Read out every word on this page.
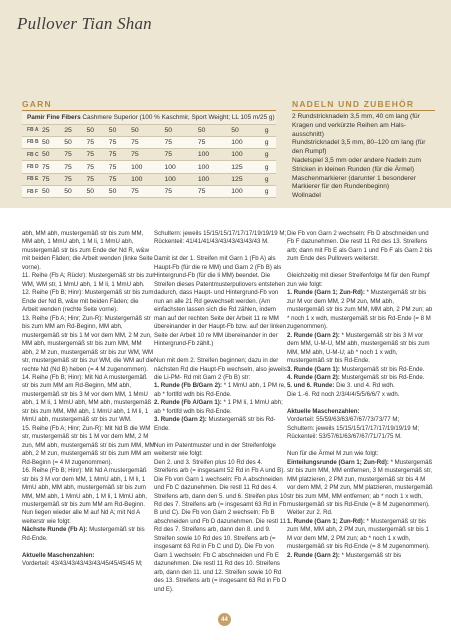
Pullover Tian Shan
GARN
Pamir Fine Fibers Cashmere Superior (100 % Kaschmir, Sport Weight; LL 105 m/25 g)									
FB A	25	25	50	50	50	50	50	50	g
FB B	50	50	75	75	75	75	75	100	g
FB C	50	75	75	75	75	75	100	100	g
FB D	75	75	75	75	100	100	100	125	g
FB E	75	75	75	75	100	100	100	125	g
FB F	50	50	50	50	75	75	75	100	g
NADELN UND ZUBEHÖR
2 Rundstricknadeln 3,5 mm, 40 cm lang (für Kragen und verkürzte Reihen am Hals-ausschnitt)
Rundstricknadel 3,5 mm, 80–120 cm lang (für den Rumpf)
Nadelspiel 3,5 mm oder andere Nadeln zum Stricken in kleinen Runden (für die Ärmel)
Maschenmarkierer (darunter 1 besonderer Markierer für den Rundenbeginn)
Wollnadel

abh, MM abh, mustergemäß str bis zum MM, MM abh, 1 MmU abh, 1 M li, 1 MmU abh, mustergemäß str bis zum Ende der Nd R, w&w mit beiden Fäden; die Arbeit wenden (linke Seite vorne).

11. Reihe (Fb A; Rückr): Mustergemäß str bis zur WM, WM str, 1 MmU abh, 1 M li, 1 MmU abh.

12. Reihe (Fb B; Hinr): Mustergemäß str bis zum Ende der Nd B, w&w mit beiden Fäden; die Arbeit wenden (rechte Seite vorne).

13. Reihe (Fb A; Hinr; Zun-R): Mustergemäß str bis zum MM am Rd-Beginn, MM abh, mustergemäß str bis 1 M vor dem MM, 2 M zun, MM abh, mustergemäß str bis zum MM, MM abh, 2 M zun, mustergemäß str bis zur WM, WM str, mustergemäß str bis zur WM, die WM auf die rechte Nd (Nd B) heben (= 4 M zugenommen).

14. Reihe (Fb B; Hinr): Mit Nd A mustergemäß str bis zum MM am Rd-Beginn, MM abh, mustergemäß str bis 3 M vor dem MM, 1 MmU abh, 1 M li, 1 MmU abh, MM abh, mustergemäß str bis zum MM, MM abh, 1 MmU abh, 1 M li, 1 MmU abh, mustergemäß str bis zur WM.

15. Reihe (Fb A; Hinr; Zun-R): Mit Nd B die WM str, mustergemäß str bis 1 M vor dem MM, 2 M zun, MM abh, mustergemäß str bis zum MM, MM abh, 2 M zun, mustergemäß str bis zum MM am Rd-Beginn (= 4 M zugenommen).

16. Reihe (Fb B; Hinr): Mit Nd A mustergemäß str bis 3 M vor dem MM, 1 MmU abh, 1 M li, 1 MmU abh, MM abh, mustergemäß str bis zum MM, MM abh, 1 MmU abh, 1 M li, 1 MmU abh, mustergemäß str bis zum MM am Rd-Beginn.

Nun liegen wieder alle M auf Nd A; mit Nd A weiterstr wie folgt:

Nächste Runde (Fb A): Mustergemäß str bis Rd-Ende.

Aktuelle Maschenzahlen:

Vorderteil: 43/43/43/43/43/43/45/45/45/45 M;

Schultern: jeweils 15/15/15/17/17/17/19/19/19 M; Rückenteil: 41/41/41/43/43/43/43/43/43 M.

Damit ist der 1. Streifen mit Garn 1 (Fb A) als Haupt-Fb (für die re MM) und Garn 2 (Fb B) als Hintergrund-Fb (für die li MM) beendet. Die Streifen dieses Patentmusterpullovers entstehen dadurch, dass Haupt- und Hintergrund-Fb von nun an alle 21 Rd gewechselt werden. (Am einfachsten lassen sich die Rd zählen, indem man auf der rechten Seite der Arbeit 11 re MM übereinander in der Haupt-Fb bzw. auf der linken Seite der Arbeit 10 re MM übereinander in der Hintergrund-Fb zählt.)

Nun mit dem 2. Streifen beginnen; dazu in der nächsten Rd die Haupt-Fb wechseln, also jeweils die Li-PM- Rd mit Garn 2 (Fb B) str:

1. Runde (Fb B/Garn 2): * 1 MmU abh, 1 PM re, ab * fortlfd wdh bis Rd-Ende.

2. Runde (Fb A/Garn 1): * 1 PM li, 1 MmU abh; ab * fortlfd wdh bis Rd-Ende.

3. Runde (Garn 2): Mustergemäß str bis Rd-Ende.

Nun im Patentmuster und in der Streifenfolge weiterstr wie folgt:

Den 2. und 3. Streifen plus 10 Rd des 4. Streifens arb (= insgesamt 52 Rd in Fb A und B). Die Fb von Garn 1 wechseln: Fb A abschneiden und Fb C dazunehmen. Die restl 11 Rd des 4. Streifens arb, dann den 5. und 6. Streifen plus 10 Rd des 7. Streifens arb (= insgesamt 63 Rd in Fb B und C). Die Fb von Garn 2 wechseln: Fb B abschneiden und Fb D dazunehmen. Die restl 11 Rd des 7. Streifens arb, dann den 8. und 9. Streifen sowie 10 Rd des 10. Streifens arb (= insgesamt 63 Rd in Fb C und D). Die Fb von Garn 1 wechseln: Fb C abschneiden und Fb E dazunehmen. Die restl 11 Rd des 10. Streifens arb, dann den 11. und 12. Streifen sowie 10 Rd des 13. Streifens arb (= insgesamt 63 Rd in Fb D und E).

Die Fb von Garn 2 wechseln: Fb D abschneiden und Fb F dazunehmen. Die restl 11 Rd des 13. Streifens arb; dann mit Fb E als Garn 1 und Fb F als Garn 2 bis zum Ende des Pullovers weiterstr.

Gleichzeitig mit dieser Streifenfolge M für den Rumpf zun wie folgt:

1. Runde (Garn 1; Zun-Rd): * Mustergemäß str bis zur M vor dem MM, 2 PM zun, MM abh, mustergemäß str bis zum MM, MM abh, 2 PM zun; ab * noch 1 x wdh, mustergemäß str bis Rd-Ende (= 8 M zugenommen).

2. Runde (Garn 2): * Mustergemäß str bis 3 M vor dem MM, U-M-U, MM abh, mustergemäß str bis zum MM, MM abh, U-M-U; ab * noch 1 x wdh, mustergemäß str bis Rd-Ende.

3. Runde (Garn 1): Mustergemäß str bis Rd-Ende.

4. Runde (Garn 2): Mustergemäß str bis Rd-Ende.

5. und 6. Runde: Die 3. und 4. Rd wdh.

Die 1.-6. Rd noch 2/3/4/4/5/5/6/6/7 x wdh.

Aktuelle Maschenzahlen:

Vorderteil: 55/59/63/63/67/67/73/73/77 M;

Schultern: jeweils 15/15/15/17/17/17/19/19/19 M; Rückenteil: 53/57/61/63/67/67/71/71/75 M.

Nun für die Ärmel M zun wie folgt:

Einteilungsrunde (Garn 1; Zun-Rd): * Mustergemäß str bis zum MM, MM entfernen, 3 M mustergemäß str, MM platzieren, 2 PM zun, mustergemäß str bis 4 M vor dem MM, 2 PM zun, MM platzieren, mustergemäß str bis zum MM, MM entfernen; ab * noch 1 x wdh, mustergemäß str bis Rd-Ende (= 8 M zugenommen). Weiter zur 2. Rd.

1. Runde (Garn 1; Zun-Rd): * Mustergemäß str bis zum MM, MM abh, 2 PM zun, mustergemäß str bis 1 M vor dem MM, 2 PM zun; ab * noch 1 x wdh, mustergemäß str bis Rd-Ende (= 8 M zugenommen).

2. Runde (Garn 2): * Mustergemäß str bis

44
